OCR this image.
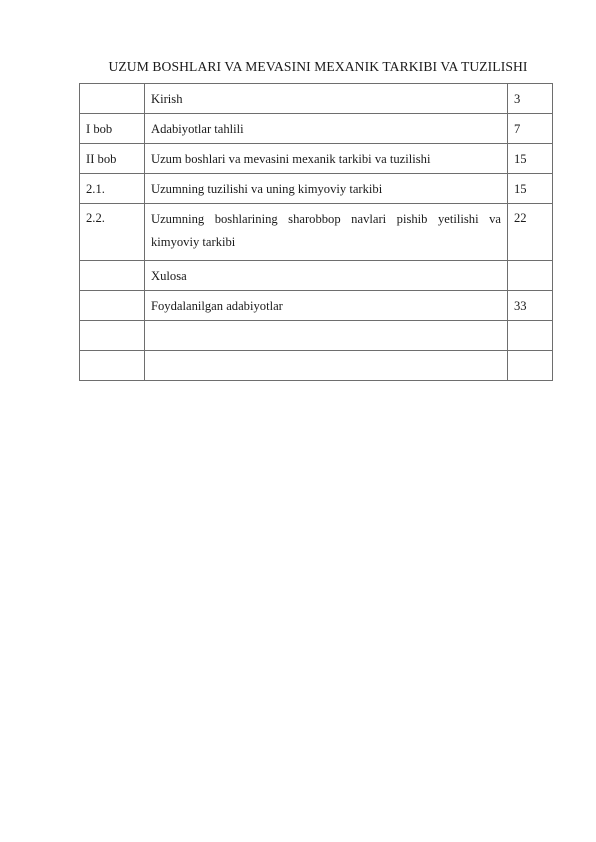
UZUM BOSHLARI VA MEVASINI MEXANIK TARKIBI VA TUZILISHI
	Kirish	3
I bob	Adabiyotlar tahlili	7
II bob	Uzum boshlari va mevasini mexanik tarkibi va tuzilishi	15
2.1.	Uzumning tuzilishi va uning kimyoviy tarkibi	15
2.2.	Uzumning boshlarining sharobbop navlari pishib yetilishi va kimyoviy tarkibi	22
	Xulosa	
	Foydalanilgan adabiyotlar	33
